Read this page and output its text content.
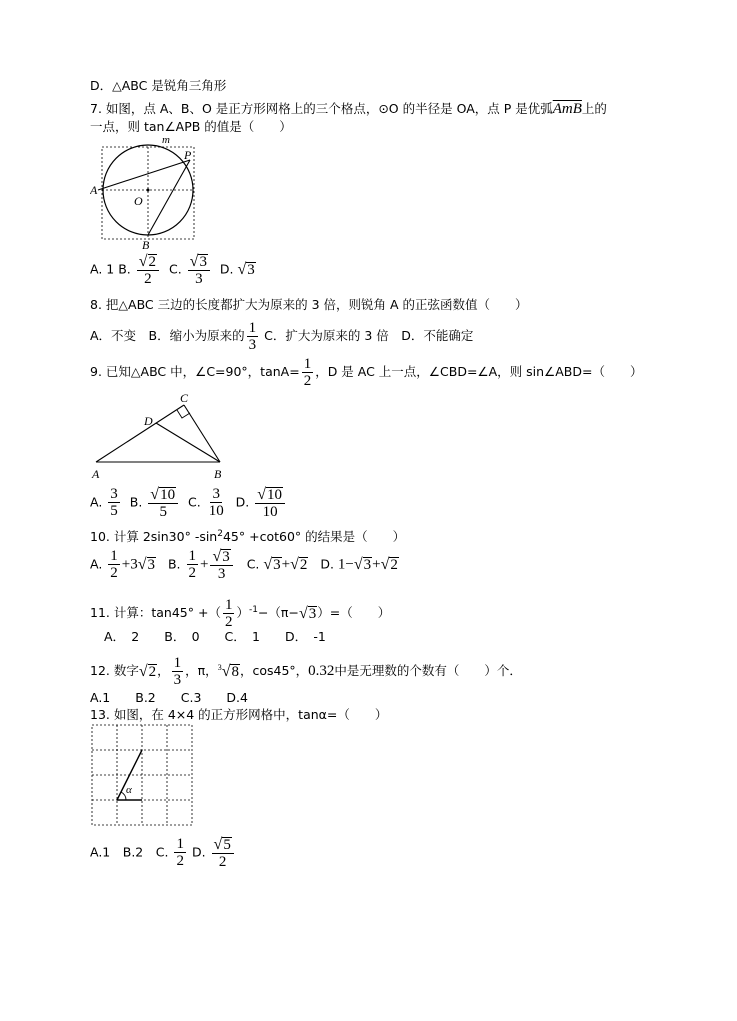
D．△ABC 是锐角三角形
7. 如图，点 A、B、O 是正方形网格上的三个格点，⊙O 的半径是 OA，点 P 是优弧$\overline{AmB}$上的
一点，则 tan∠APB 的值是（　　）
m
P
A
O
B
A. 1 B. $\frac{√ 2}{2} C$. $\frac{√ 3}{3} D$. √ 3
8. 把△ABC 三边的长度都扩大为原来的 3 倍，则锐角 A 的正弦函数值（　　）
A．不变　B．缩小为原来的 $\frac{1}{3}$ C．扩大为原来的 3 倍　D．不能确定
9. 已知△ABC 中，∠C=90°，$\tan A= \frac{1}{2}$ ，D 是 AC 上一点，∠CBD=∠A，则 sin∠ABD=（　　）
C
D
A	B
A. $\frac{3}{5} B$. $\frac{√ 10}{5} C$. $\frac{3}{10} D$. $\frac{√ 10}{10}$
10. 计算 2sin30° $-\sin^245^\circ +\cot 60^\circ$ 的结果是（　　）
A. $\frac{1}{2} +3$ √ 3 B. $\frac{1}{2} + \frac{√ 3}{3} C$. √ 3 + √ 2 D. 1− √ 3 + √ 2
11. 计算：tan45° +（ $\frac{1}{2} )^{-1}-(\pi-$ √ 3 ）=（　　）
A．　2　　B．　0　　C．　1　　D．　-1
12. 数字 √ 2 ， $\frac{1}{3}$ ，π， 3 √ 8 ，cos45°，0.32中是无理数的个数有（　　）个．
A.1　　B.2　　C.3　　D.4
13. 如图，在 4×4 的正方形网格中，tanα=（　　）
α
A.1　B.2　C. $\frac{1}{2} D$. $\frac{√ 5}{2}$
